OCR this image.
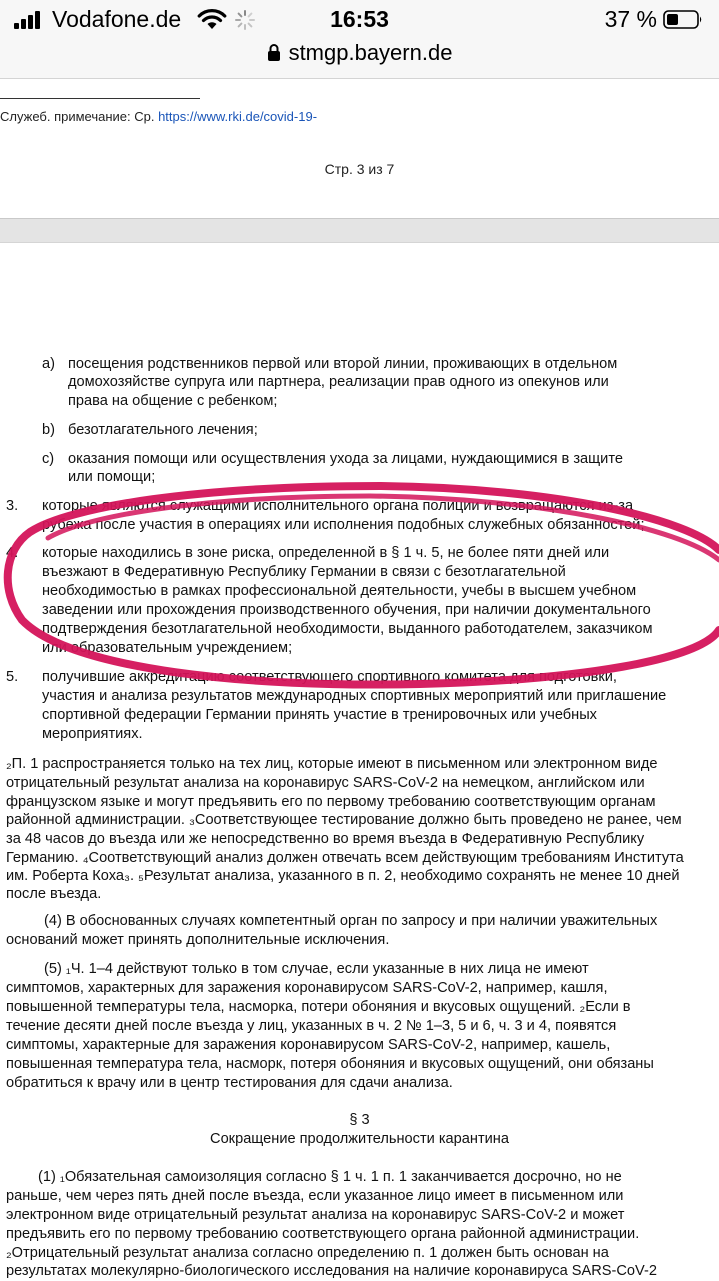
Vodafone.de	16:53	37 %
stmgp.bayern.de
Служеб. примечание: Ср. https://www.rki.de/covid-19-
Стр. 3 из 7
a) посещения родственников первой или второй линии, проживающих в отдельном
домохозяйстве супруга или партнера, реализации прав одного из опекунов или
права на общение с ребенком;
b) безотлагательного лечения;
c) оказания помощи или осуществления ухода за лицами, нуждающимися в защите
или помощи;
3. которые являются служащими исполнительного органа полиции и возвращаются из-за
рубежа после участия в операциях или исполнения подобных служебных обязанностей;
4. которые находились в зоне риска, определенной в § 1 ч. 5, не более пяти дней или
въезжают в Федеративную Республику Германии в связи с безотлагательной
необходимостью в рамках профессиональной деятельности, учебы в высшем учебном
заведении или прохождения производственного обучения, при наличии документального
подтверждения безотлагательной необходимости, выданного работодателем, заказчиком
или образовательным учреждением;
5. получившие аккредитацию соответствующего спортивного комитета для подготовки,
участия и анализа результатов международных спортивных мероприятий или приглашение
спортивной федерации Германии принять участие в тренировочных или учебных
мероприятиях.
₂П. 1 распространяется только на тех лиц, которые имеют в письменном или электронном виде
отрицательный результат анализа на коронавирус SARS-CoV-2 на немецком, английском или
французском языке и могут предъявить его по первому требованию соответствующим органам
районной администрации. ₃Соответствующее тестирование должно быть проведено не ранее, чем
за 48 часов до въезда или же непосредственно во время въезда в Федеративную Республику
Германию. ₄Соответствующий анализ должен отвечать всем действующим требованиям Института
им. Роберта Коха₃. ₅Результат анализа, указанного в п. 2, необходимо сохранять не менее 10 дней
после въезда.
(4) В обоснованных случаях компетентный орган по запросу и при наличии уважительных
оснований может принять дополнительные исключения.
(5) ₁Ч. 1–4 действуют только в том случае, если указанные в них лица не имеют
симптомов, характерных для заражения коронавирусом SARS-CoV-2, например, кашля,
повышенной температуры тела, насморка, потери обоняния и вкусовых ощущений. ₂Если в
течение десяти дней после въезда у лиц, указанных в ч. 2 № 1–3, 5 и 6, ч. 3 и 4, появятся
симптомы, характерные для заражения коронавирусом SARS-CoV-2, например, кашель,
повышенная температура тела, насморк, потеря обоняния и вкусовых ощущений, они обязаны
обратиться к врачу или в центр тестирования для сдачи анализа.
§ 3
Сокращение продолжительности карантина
(1) ₁Обязательная самоизоляция согласно § 1 ч. 1 п. 1 заканчивается досрочно, но не
раньше, чем через пять дней после въезда, если указанное лицо имеет в письменном или
электронном виде отрицательный результат анализа на коронавирус SARS-CoV-2 и может
предъявить его по первому требованию соответствующего органа районной администрации.
₂Отрицательный результат анализа согласно определению п. 1 должен быть основан на
результатах молекулярно-биологического исследования на наличие коронавируса SARS-CoV-2
